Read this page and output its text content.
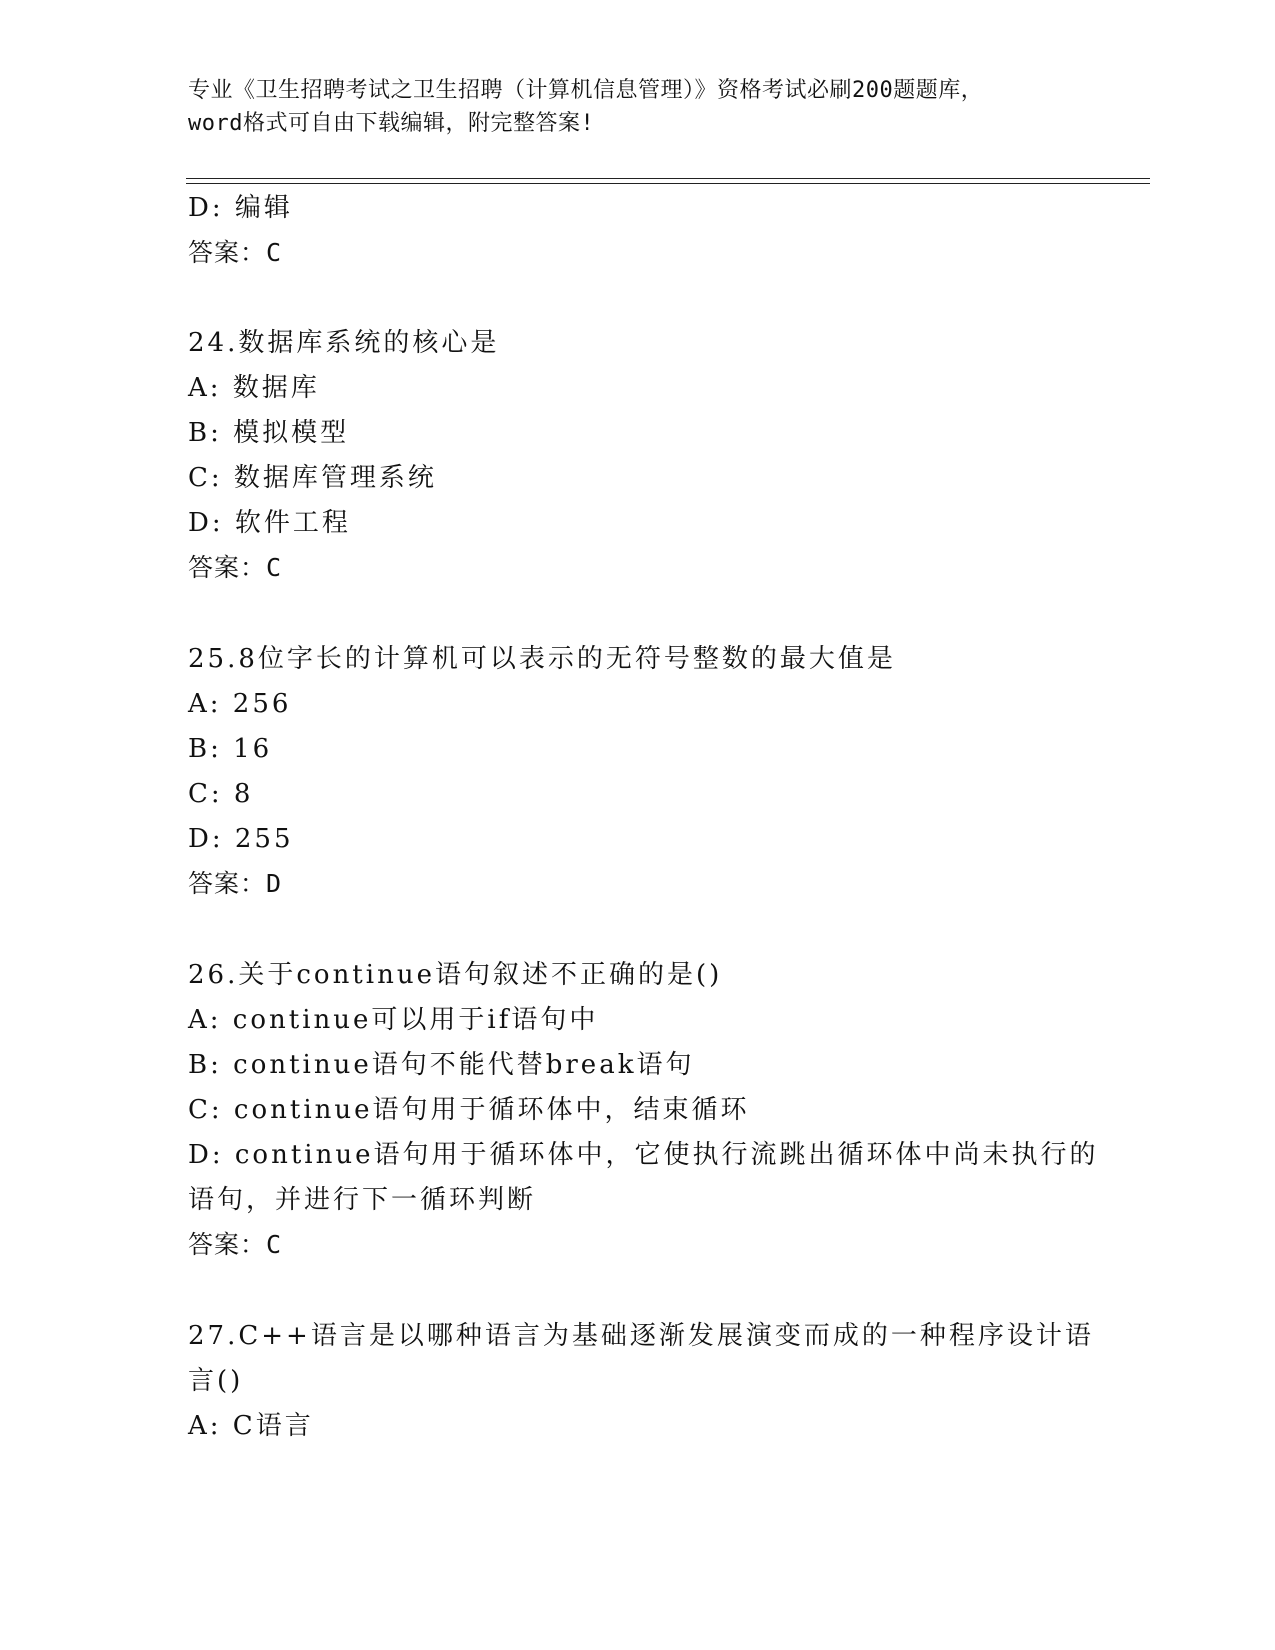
专业《卫生招聘考试之卫生招聘（计算机信息管理）》资格考试必刷200题题库，
word格式可自由下载编辑，附完整答案!
D: 编辑
答案：C
24.数据库系统的核心是
A: 数据库
B: 模拟模型
C: 数据库管理系统
D: 软件工程
答案：C
25.8位字长的计算机可以表示的无符号整数的最大值是
A: 256
B: 16
C: 8
D: 255
答案：D
26.关于continue语句叙述不正确的是()
A: continue可以用于if语句中
B: continue语句不能代替break语句
C: continue语句用于循环体中，结束循环
D: continue语句用于循环体中，它使执行流跳出循环体中尚未执行的
语句，并进行下一循环判断
答案：C
27.C++语言是以哪种语言为基础逐渐发展演变而成的一种程序设计语
言()
A: C语言
